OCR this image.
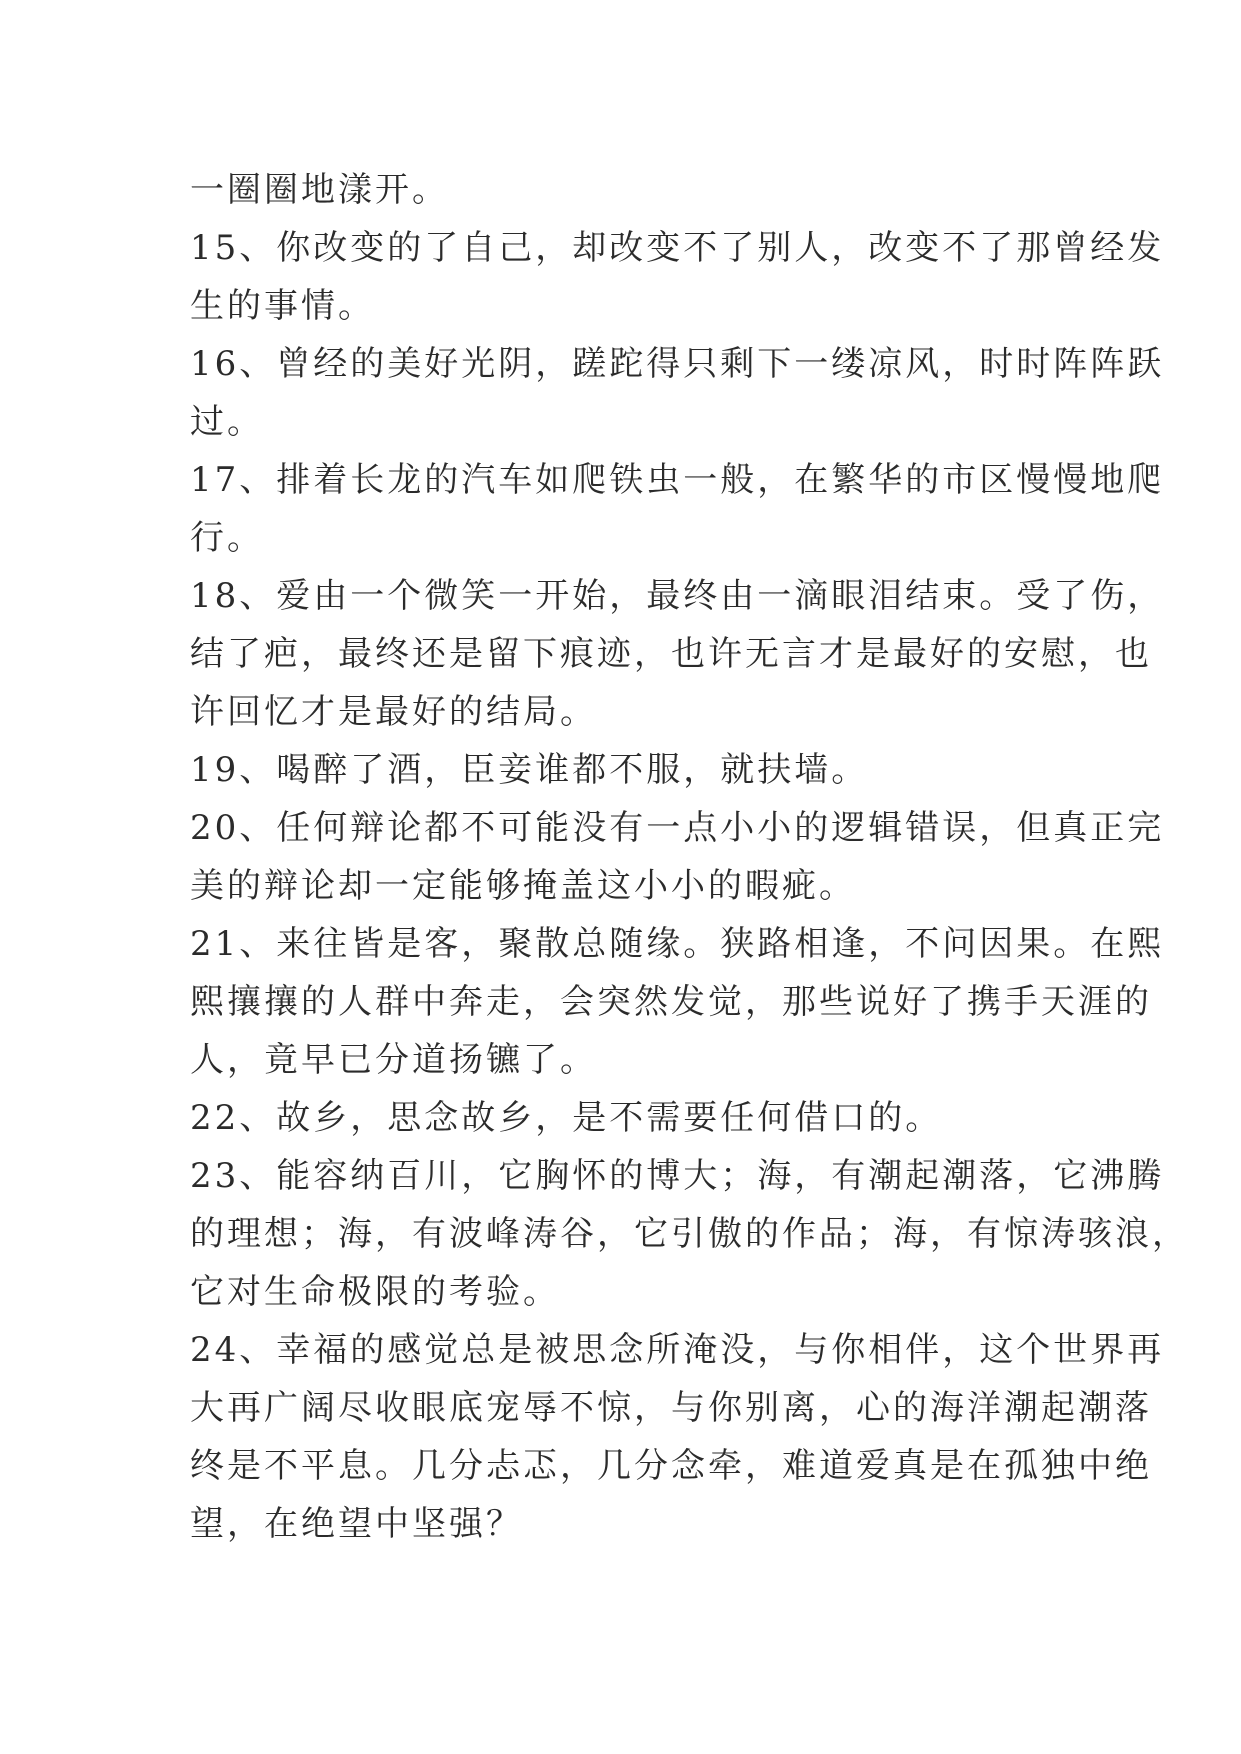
一圈圈地漾开。
15、你改变的了自己，却改变不了别人，改变不了那曾经发
生的事情。
16、曾经的美好光阴，蹉跎得只剩下一缕凉风，时时阵阵跃
过。
17、排着长龙的汽车如爬铁虫一般，在繁华的市区慢慢地爬
行。
18、爱由一个微笑一开始，最终由一滴眼泪结束。受了伤，
结了疤，最终还是留下痕迹，也许无言才是最好的安慰，也
许回忆才是最好的结局。
19、喝醉了酒，臣妾谁都不服，就扶墙。
20、任何辩论都不可能没有一点小小的逻辑错误，但真正完
美的辩论却一定能够掩盖这小小的暇疵。
21、来往皆是客，聚散总随缘。狭路相逢，不问因果。在熙
熙攘攘的人群中奔走，会突然发觉，那些说好了携手天涯的
人，竟早已分道扬镳了。
22、故乡，思念故乡，是不需要任何借口的。
23、能容纳百川，它胸怀的博大；海，有潮起潮落，它沸腾
的理想；海，有波峰涛谷，它引傲的作品；海，有惊涛骇浪，
它对生命极限的考验。
24、幸福的感觉总是被思念所淹没，与你相伴，这个世界再
大再广阔尽收眼底宠辱不惊，与你别离，心的海洋潮起潮落
终是不平息。几分忐忑，几分念牵，难道爱真是在孤独中绝
望，在绝望中坚强？
